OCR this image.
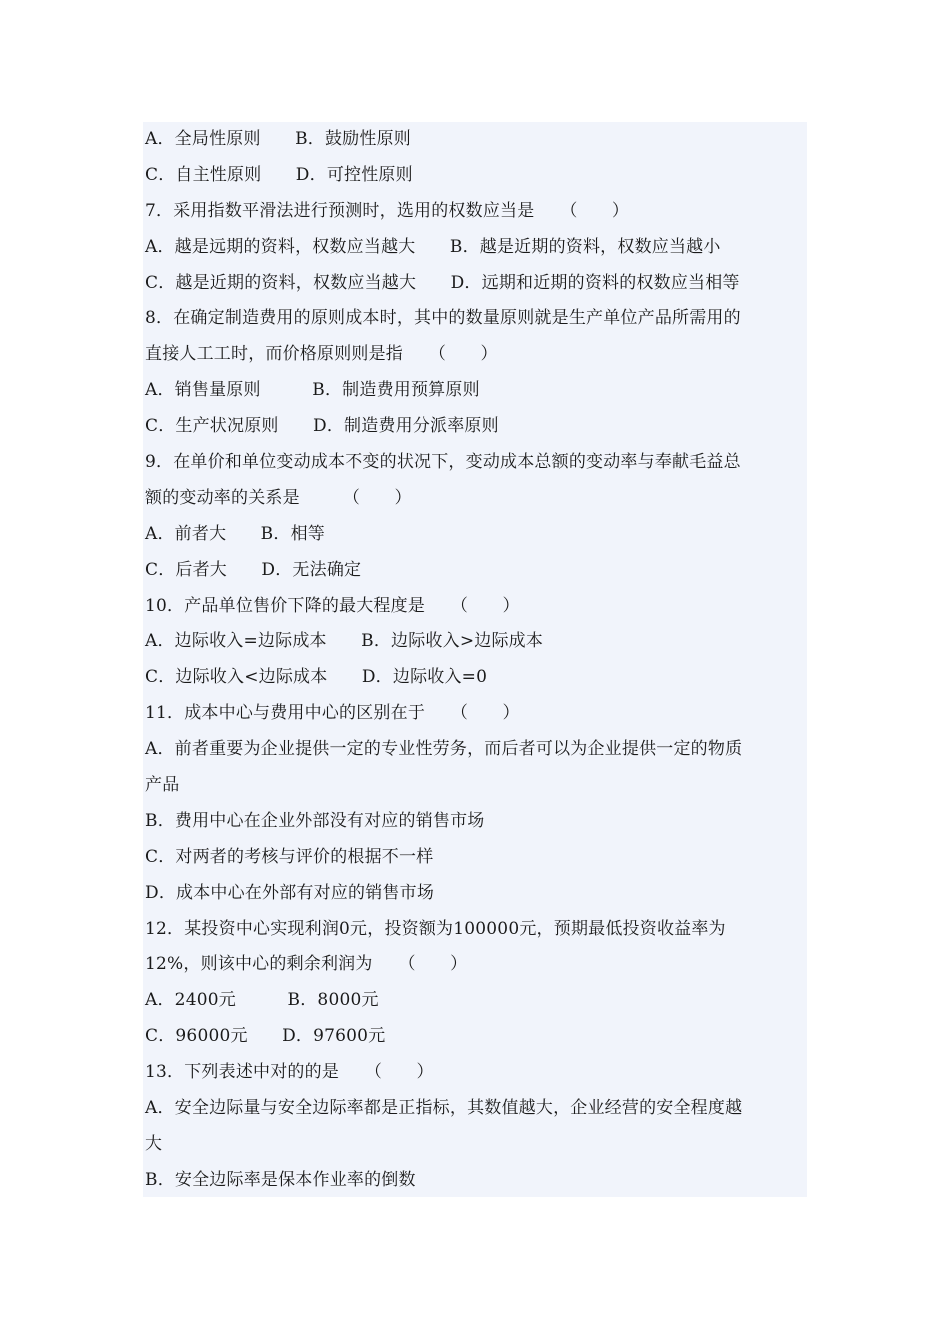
A．全局性原则　　B．鼓励性原则
C．自主性原则　　D．可控性原则
7．采用指数平滑法进行预测时，选用的权数应当是　　（　　）
A．越是远期的资料，权数应当越大　　B．越是近期的资料，权数应当越小
C．越是近期的资料，权数应当越大　　D．远期和近期的资料的权数应当相等
8．在确定制造费用的原则成本时，其中的数量原则就是生产单位产品所需用的
直接人工工时，而价格原则则是指　　（　　）
A．销售量原则　　　B．制造费用预算原则
C．生产状况原则　　D．制造费用分派率原则
9．在单价和单位变动成本不变的状况下，变动成本总额的变动率与奉献毛益总
额的变动率的关系是　　　（　　）
A．前者大　　B．相等
C．后者大　　D．无法确定
10．产品单位售价下降的最大程度是　　（　　）
A．边际收入=边际成本　　B．边际收入>边际成本
C．边际收入<边际成本　　D．边际收入=0
11．成本中心与费用中心的区别在于　　（　　）
A．前者重要为企业提供一定的专业性劳务，而后者可以为企业提供一定的物质
产品
B．费用中心在企业外部没有对应的销售市场
C．对两者的考核与评价的根据不一样
D．成本中心在外部有对应的销售市场
12．某投资中心实现利润0元，投资额为100000元，预期最低投资收益率为
12%，则该中心的剩余利润为　　（　　）
A．2400元　　　B．8000元
C．96000元　　D．97600元
13．下列表述中对的的是　　（　　）
A．安全边际量与安全边际率都是正指标，其数值越大，企业经营的安全程度越
大
B．安全边际率是保本作业率的倒数
